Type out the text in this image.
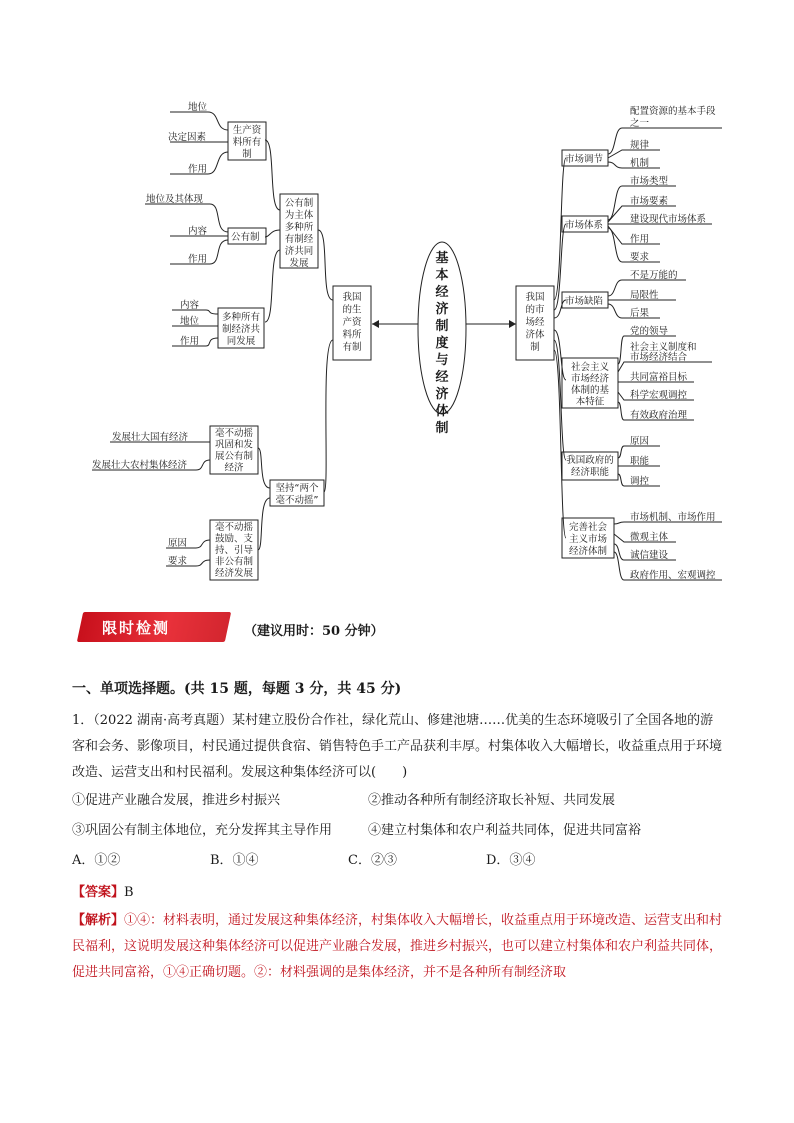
基本经济制度与经济体制
我国
的生
产资
料所
有制
公有制
为主体
多种所
有制经
济共同
发展
生产资
料所有
制
地位
决定因素
作用
公有制
地位及其体现
内容
作用
多种所有
制经济共
同发展
内容
地位
作用
坚持“两个
毫不动摇”
毫不动摇
巩固和发
展公有制
经济
发展壮大国有经济
发展壮大农村集体经济
毫不动摇
鼓励、支
持、引导
非公有制
经济发展
原因
要求
我国
的市
场经
济体
制
市场调节
配置资源的基本手段
之一
规律
机制
市场体系
市场类型
市场要素
建设现代市场体系
作用
要求
市场缺陷
不是万能的
局限性
后果
社会主义
市场经济
体制的基
本特征
党的领导
社会主义制度和
市场经济结合
共同富裕目标
科学宏观调控
有效政府治理
我国政府的
经济职能
原因
职能
调控
完善社会
主义市场
经济体制
市场机制、市场作用
微观主体
诚信建设
政府作用、宏观调控
限时检测	（建议用时：50 分钟）
一、单项选择题。(共 15 题，每题 3 分，共 45 分)
1．（2022 湖南·高考真题）某村建立股份合作社，绿化荒山、修建池塘……优美的生态环境吸引了全国各地的游客和会务、影像项目，村民通过提供食宿、销售特色手工产品获利丰厚。村集体收入大幅增长，收益重点用于环境改造、运营支出和村民福利。发展这种集体经济可以(　　)
①促进产业融合发展，推进乡村振兴	②推动各种所有制经济取长补短、共同发展
③巩固公有制主体地位，充分发挥其主导作用	④建立村集体和农户利益共同体，促进共同富裕
A．①②	B．①④	C．②③	D．③④
【答案】B
【解析】①④：材料表明，通过发展这种集体经济，村集体收入大幅增长，收益重点用于环境改造、运营支出和村民福利，这说明发展这种集体经济可以促进产业融合发展，推进乡村振兴，也可以建立村集体和农户利益共同体，促进共同富裕，①④正确切题。②：材料强调的是集体经济，并不是各种所有制经济取
